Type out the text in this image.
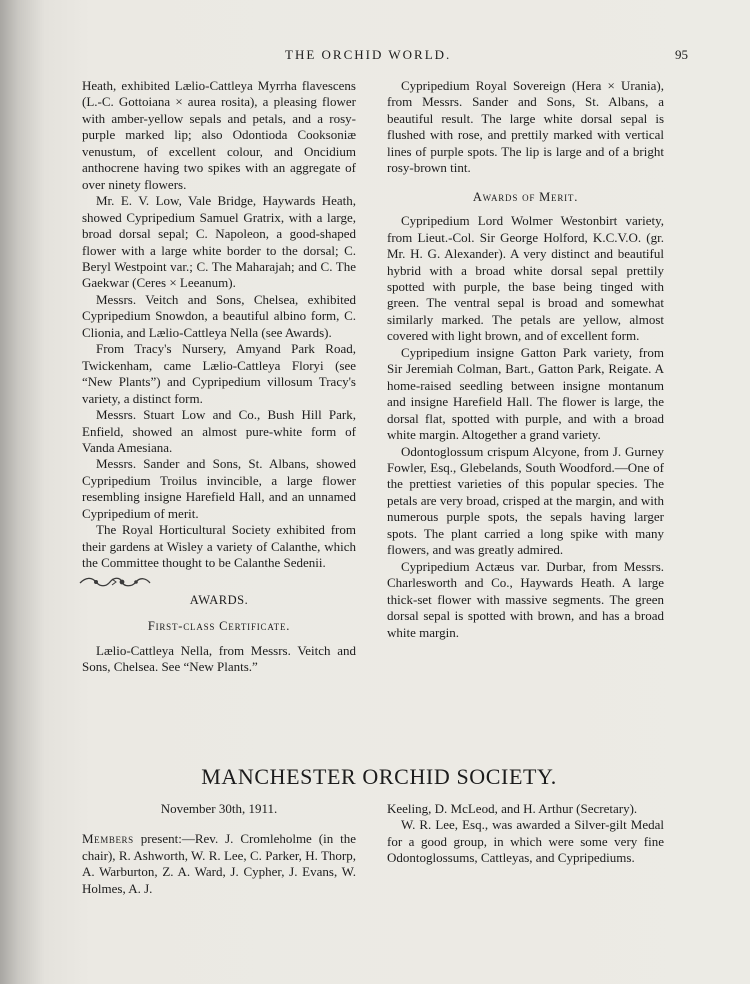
THE ORCHID WORLD.	95

Heath, exhibited Lælio-Cattleya Myrrha flavescens (L.-C. Gottoiana × aurea rosita), a pleasing flower with amber-yellow sepals and petals, and a rosy-purple marked lip; also Odontioda Cooksoniæ venustum, of excellent colour, and Oncidium anthocrene having two spikes with an aggregate of over ninety flowers.

Mr. E. V. Low, Vale Bridge, Haywards Heath, showed Cypripedium Samuel Gratrix, with a large, broad dorsal sepal; C. Napoleon, a good-shaped flower with a large white border to the dorsal; C. Beryl Westpoint var.; C. The Maharajah; and C. The Gaekwar (Ceres × Leeanum).

Messrs. Veitch and Sons, Chelsea, exhibited Cypripedium Snowdon, a beautiful albino form, C. Clionia, and Lælio-Cattleya Nella (see Awards).

From Tracy's Nursery, Amyand Park Road, Twickenham, came Lælio-Cattleya Floryi (see “New Plants”) and Cypripedium villosum Tracy's variety, a distinct form.

Messrs. Stuart Low and Co., Bush Hill Park, Enfield, showed an almost pure-white form of Vanda Amesiana.

Messrs. Sander and Sons, St. Albans, showed Cypripedium Troilus invincible, a large flower resembling insigne Harefield Hall, and an unnamed Cypripedium of merit.

The Royal Horticultural Society exhibited from their gardens at Wisley a variety of Calanthe, which the Committee thought to be Calanthe Sedenii.

AWARDS.

First-class Certificate.

Lælio-Cattleya Nella, from Messrs. Veitch and Sons, Chelsea. See “New Plants.”

Cypripedium Royal Sovereign (Hera × Urania), from Messrs. Sander and Sons, St. Albans, a beautiful result. The large white dorsal sepal is flushed with rose, and prettily marked with vertical lines of purple spots. The lip is large and of a bright rosy-brown tint.

Awards of Merit.

Cypripedium Lord Wolmer Westonbirt variety, from Lieut.-Col. Sir George Holford, K.C.V.O. (gr. Mr. H. G. Alexander). A very distinct and beautiful hybrid with a broad white dorsal sepal prettily spotted with purple, the base being tinged with green. The ventral sepal is broad and somewhat similarly marked. The petals are yellow, almost covered with light brown, and of excellent form.

Cypripedium insigne Gatton Park variety, from Sir Jeremiah Colman, Bart., Gatton Park, Reigate. A home-raised seedling between insigne montanum and insigne Harefield Hall. The flower is large, the dorsal flat, spotted with purple, and with a broad white margin. Altogether a grand variety.

Odontoglossum crispum Alcyone, from J. Gurney Fowler, Esq., Glebelands, South Woodford.—One of the prettiest varieties of this popular species. The petals are very broad, crisped at the margin, and with numerous purple spots, the sepals having larger spots. The plant carried a long spike with many flowers, and was greatly admired.

Cypripedium Actæus var. Durbar, from Messrs. Charlesworth and Co., Haywards Heath. A large thick-set flower with massive segments. The green dorsal sepal is spotted with brown, and has a broad white margin.

MANCHESTER ORCHID SOCIETY.

November 30th, 1911.

Members present:—Rev. J. Cromleholme (in the chair), R. Ashworth, W. R. Lee, C. Parker, H. Thorp, A. Warburton, Z. A. Ward, J. Cypher, J. Evans, W. Holmes, A. J.

Keeling, D. McLeod, and H. Arthur (Secretary).

W. R. Lee, Esq., was awarded a Silver-gilt Medal for a good group, in which were some very fine Odontoglossums, Cattleyas, and Cypripediums.
